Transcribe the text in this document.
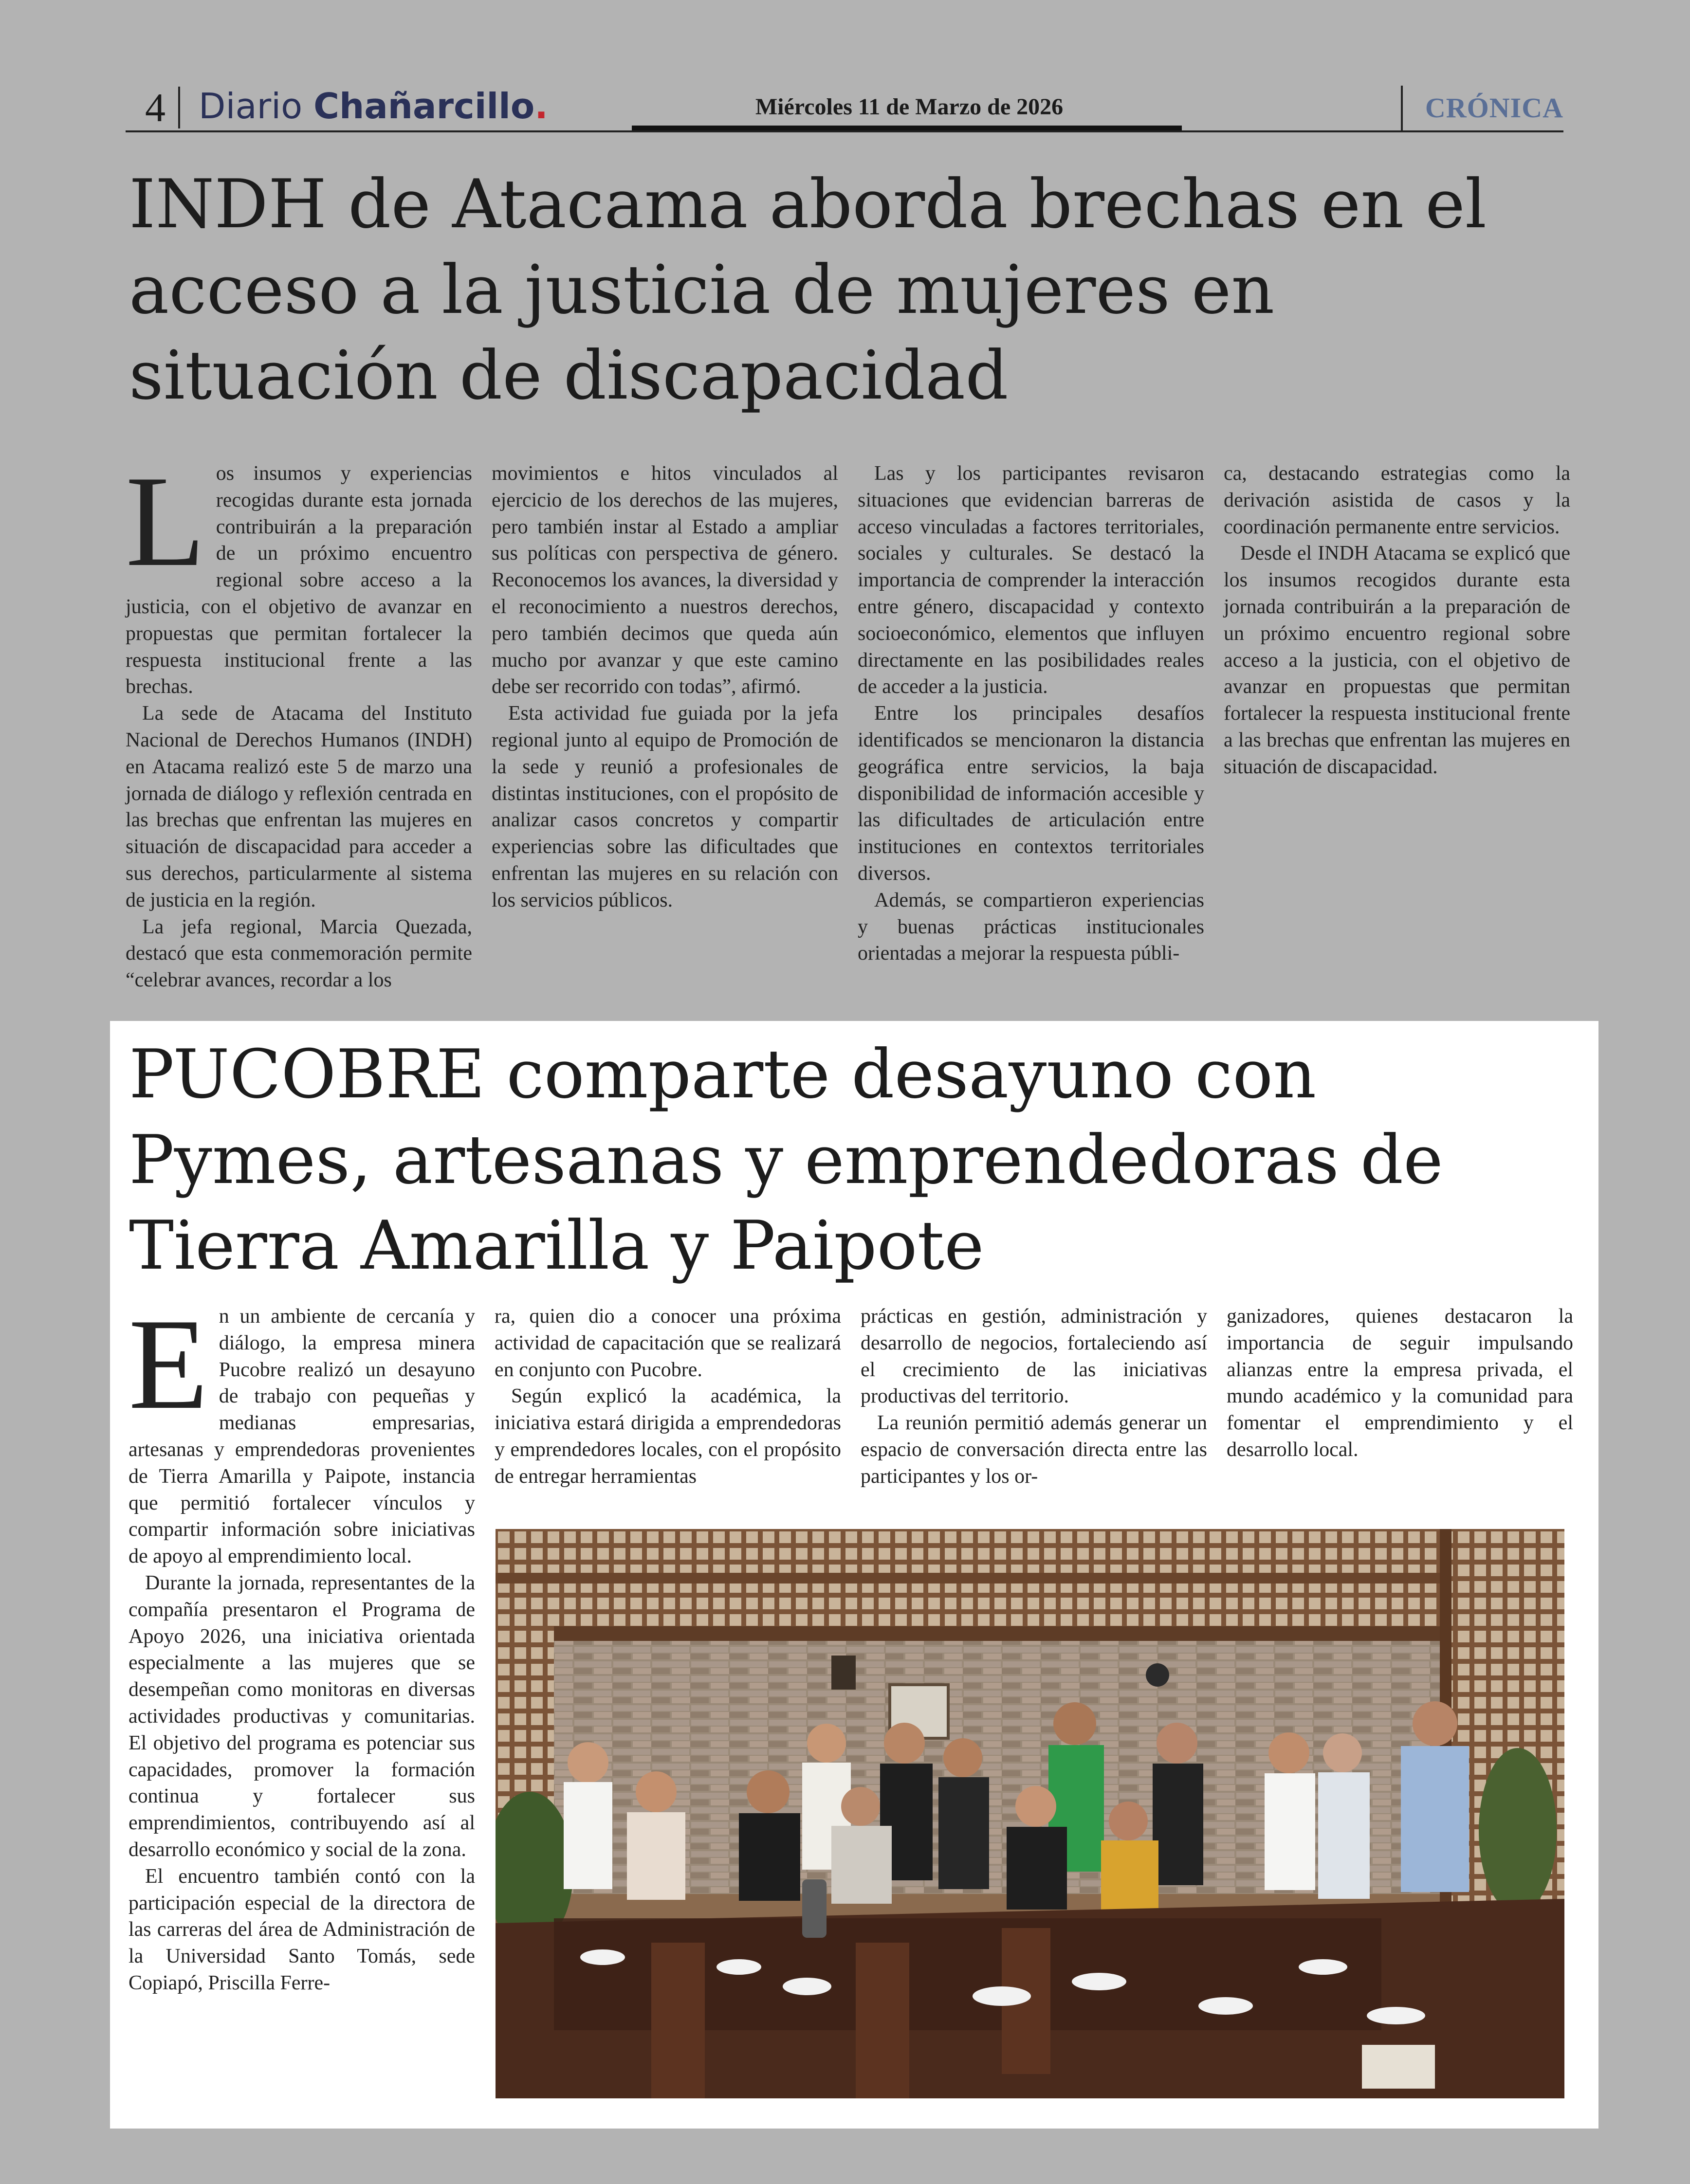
4 Diario Chañarcillo.	Miércoles 11 de Marzo de 2026	CRÓNICA
INDH de Atacama aborda brechas en el acceso a la justicia de mujeres en situación de discapacidad

Los insumos y experiencias recogidas durante esta jornada contribuirán a la preparación de un próximo encuentro regional sobre acceso a la justicia, con el objetivo de avanzar en propuestas que permitan fortalecer la respuesta institucional frente a las brechas.

La sede de Atacama del Instituto Nacional de Derechos Humanos (INDH) en Atacama realizó este 5 de marzo una jornada de diálogo y reflexión centrada en las brechas que enfrentan las mujeres en situación de discapacidad para acceder a sus derechos, particularmente al sistema de justicia en la región.

La jefa regional, Marcia Quezada, destacó que esta conmemoración permite “celebrar avances, recordar a los

movimientos e hitos vinculados al ejercicio de los derechos de las mujeres, pero también instar al Estado a ampliar sus políticas con perspectiva de género. Reconocemos los avances, la diversidad y el reconocimiento a nuestros derechos, pero también decimos que queda aún mucho por avanzar y que este camino debe ser recorrido con todas”, afirmó.

Esta actividad fue guiada por la jefa regional junto al equipo de Promoción de la sede y reunió a profesionales de distintas instituciones, con el propósito de analizar casos concretos y compartir experiencias sobre las dificultades que enfrentan las mujeres en su relación con los servicios públicos.

Las y los participantes revisaron situaciones que evidencian barreras de acceso vinculadas a factores territoriales, sociales y culturales. Se destacó la importancia de comprender la interacción entre género, discapacidad y contexto socioeconómico, elementos que influyen directamente en las posibilidades reales de acceder a la justicia.

Entre los principales desafíos identificados se mencionaron la distancia geográfica entre servicios, la baja disponibilidad de información accesible y las dificultades de articulación entre instituciones en contextos territoriales diversos.

Además, se compartieron experiencias y buenas prácticas institucionales orientadas a mejorar la respuesta públi-

ca, destacando estrategias como la derivación asistida de casos y la coordinación permanente entre servicios.

Desde el INDH Atacama se explicó que los insumos recogidos durante esta jornada contribuirán a la preparación de un próximo encuentro regional sobre acceso a la justicia, con el objetivo de avanzar en propuestas que permitan fortalecer la respuesta institucional frente a las brechas que enfrentan las mujeres en situación de discapacidad.

PUCOBRE comparte desayuno con Pymes, artesanas y emprendedoras de Tierra Amarilla y Paipote

En un ambiente de cercanía y diálogo, la empresa minera Pucobre realizó un desayuno de trabajo con pequeñas y medianas empresarias, artesanas y emprendedoras provenientes de Tierra Amarilla y Paipote, instancia que permitió fortalecer vínculos y compartir información sobre iniciativas de apoyo al emprendimiento local.

Durante la jornada, representantes de la compañía presentaron el Programa de Apoyo 2026, una iniciativa orientada especialmente a las mujeres que se desempeñan como monitoras en diversas actividades productivas y comunitarias. El objetivo del programa es potenciar sus capacidades, promover la formación continua y fortalecer sus emprendimientos, contribuyendo así al desarrollo económico y social de la zona.

El encuentro también contó con la participación especial de la directora de las carreras del área de Administración de la Universidad Santo Tomás, sede Copiapó, Priscilla Ferre-

ra, quien dio a conocer una próxima actividad de capacitación que se realizará en conjunto con Pucobre.

Según explicó la académica, la iniciativa estará dirigida a emprendedoras y emprendedores locales, con el propósito de entregar herramientas

prácticas en gestión, administración y desarrollo de negocios, fortaleciendo así el crecimiento de las iniciativas productivas del territorio.

La reunión permitió además generar un espacio de conversación directa entre las participantes y los or-

ganizadores, quienes destacaron la importancia de seguir impulsando alianzas entre la empresa privada, el mundo académico y la comunidad para fomentar el emprendimiento y el desarrollo local.
